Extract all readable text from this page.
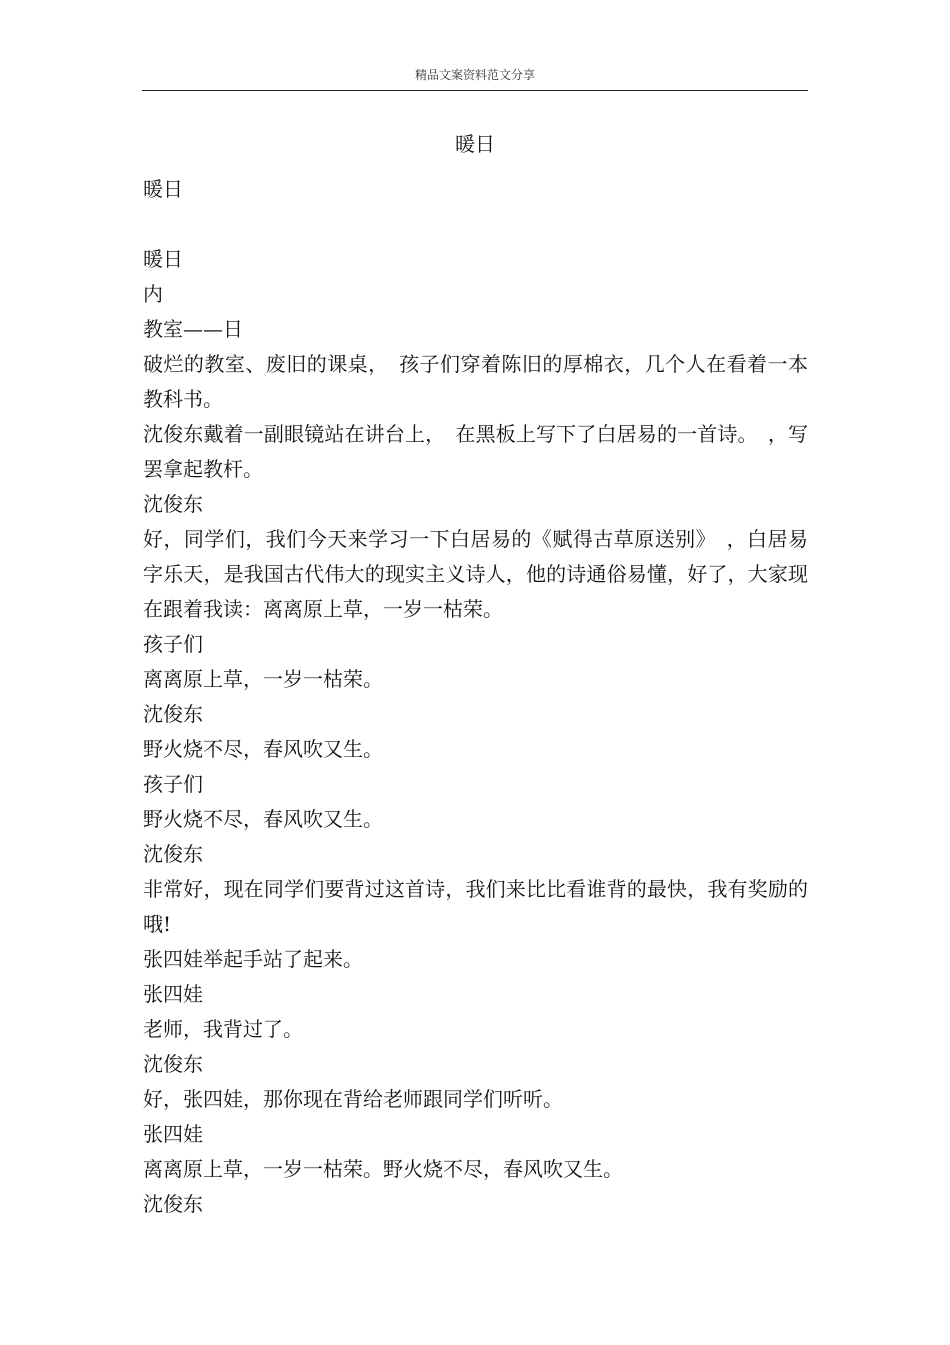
精品文案资料范文分享
暖日

暖日

暖日

内

教室——日

破烂的教室、废旧的课桌，　孩子们穿着陈旧的厚棉衣，几个人在看着一本教科书。

沈俊东戴着一副眼镜站在讲台上，　在黑板上写下了白居易的一首诗。　，写罢拿起教杆。

沈俊东

好，同学们，我们今天来学习一下白居易的《赋得古草原送别》　，白居易字乐天，是我国古代伟大的现实主义诗人，他的诗通俗易懂，好了，大家现在跟着我读：离离原上草，一岁一枯荣。

孩子们

离离原上草，一岁一枯荣。

沈俊东

野火烧不尽，春风吹又生。

孩子们

野火烧不尽，春风吹又生。

沈俊东

非常好，现在同学们要背过这首诗，我们来比比看谁背的最快，我有奖励的哦!

张四娃举起手站了起来。

张四娃

老师，我背过了。

沈俊东

好，张四娃，那你现在背给老师跟同学们听听。

张四娃

离离原上草，一岁一枯荣。野火烧不尽，春风吹又生。

沈俊东
